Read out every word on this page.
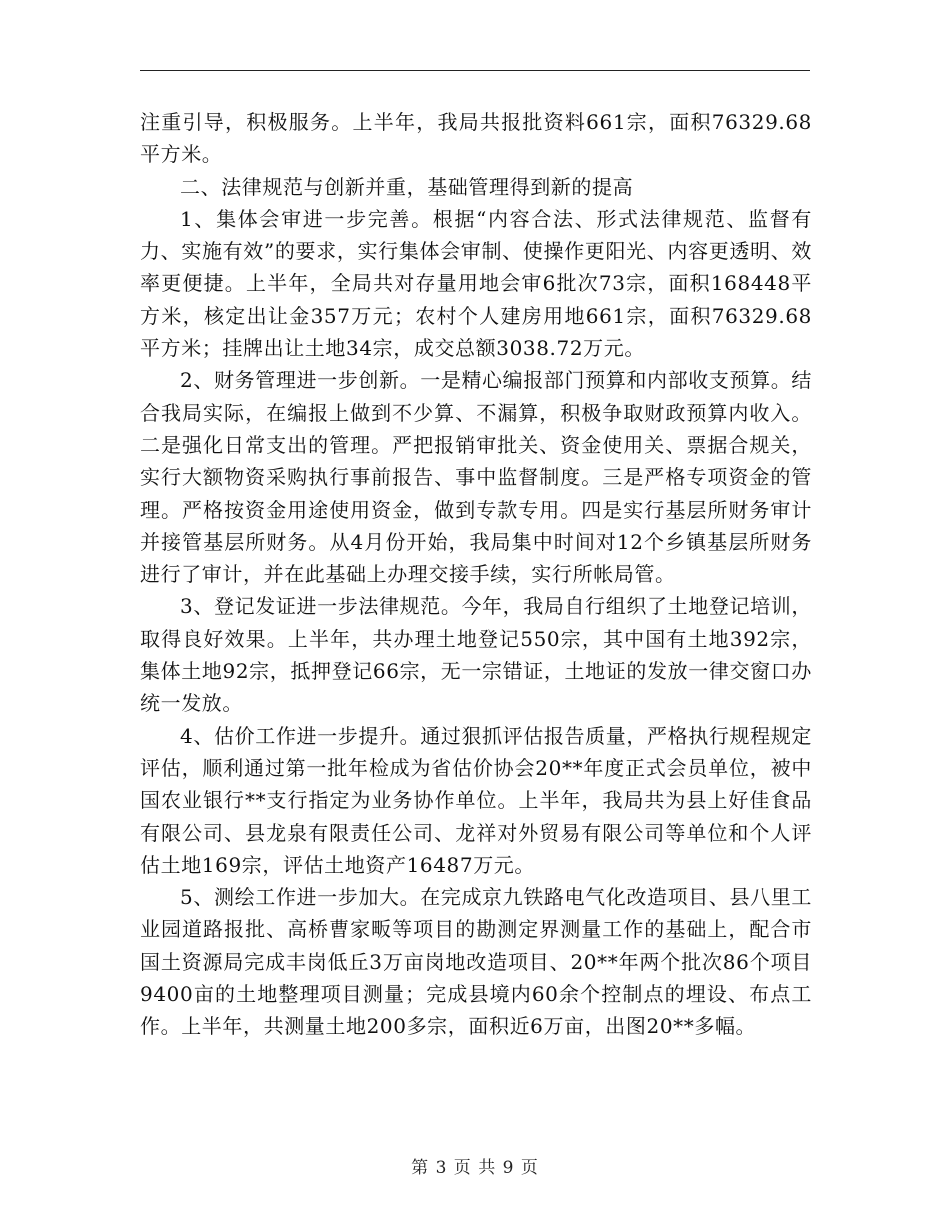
注重引导，积极服务。上半年，我局共报批资料661宗，面积76329.68平方米。

二、法律规范与创新并重，基础管理得到新的提高

1、集体会审进一步完善。根据“内容合法、形式法律规范、监督有力、实施有效”的要求，实行集体会审制、使操作更阳光、内容更透明、效率更便捷。上半年，全局共对存量用地会审6批次73宗，面积168448平方米，核定出让金357万元；农村个人建房用地661宗，面积76329.68平方米；挂牌出让土地34宗，成交总额3038.72万元。

2、财务管理进一步创新。一是精心编报部门预算和内部收支预算。结合我局实际，在编报上做到不少算、不漏算，积极争取财政预算内收入。二是强化日常支出的管理。严把报销审批关、资金使用关、票据合规关，实行大额物资采购执行事前报告、事中监督制度。三是严格专项资金的管理。严格按资金用途使用资金，做到专款专用。四是实行基层所财务审计并接管基层所财务。从4月份开始，我局集中时间对12个乡镇基层所财务进行了审计，并在此基础上办理交接手续，实行所帐局管。

3、登记发证进一步法律规范。今年，我局自行组织了土地登记培训，取得良好效果。上半年，共办理土地登记550宗，其中国有土地392宗，集体土地92宗，抵押登记66宗，无一宗错证，土地证的发放一律交窗口办统一发放。

4、估价工作进一步提升。通过狠抓评估报告质量，严格执行规程规定评估，顺利通过第一批年检成为省估价协会20**年度正式会员单位，被中国农业银行**支行指定为业务协作单位。上半年，我局共为县上好佳食品有限公司、县龙泉有限责任公司、龙祥对外贸易有限公司等单位和个人评估土地169宗，评估土地资产16487万元。

5、测绘工作进一步加大。在完成京九铁路电气化改造项目、县八里工业园道路报批、高桥曹家畈等项目的勘测定界测量工作的基础上，配合市国土资源局完成丰岗低丘3万亩岗地改造项目、20**年两个批次86个项目9400亩的土地整理项目测量；完成县境内60余个控制点的埋设、布点工作。上半年，共测量土地200多宗，面积近6万亩，出图20**多幅。

第 3 页 共 9 页
